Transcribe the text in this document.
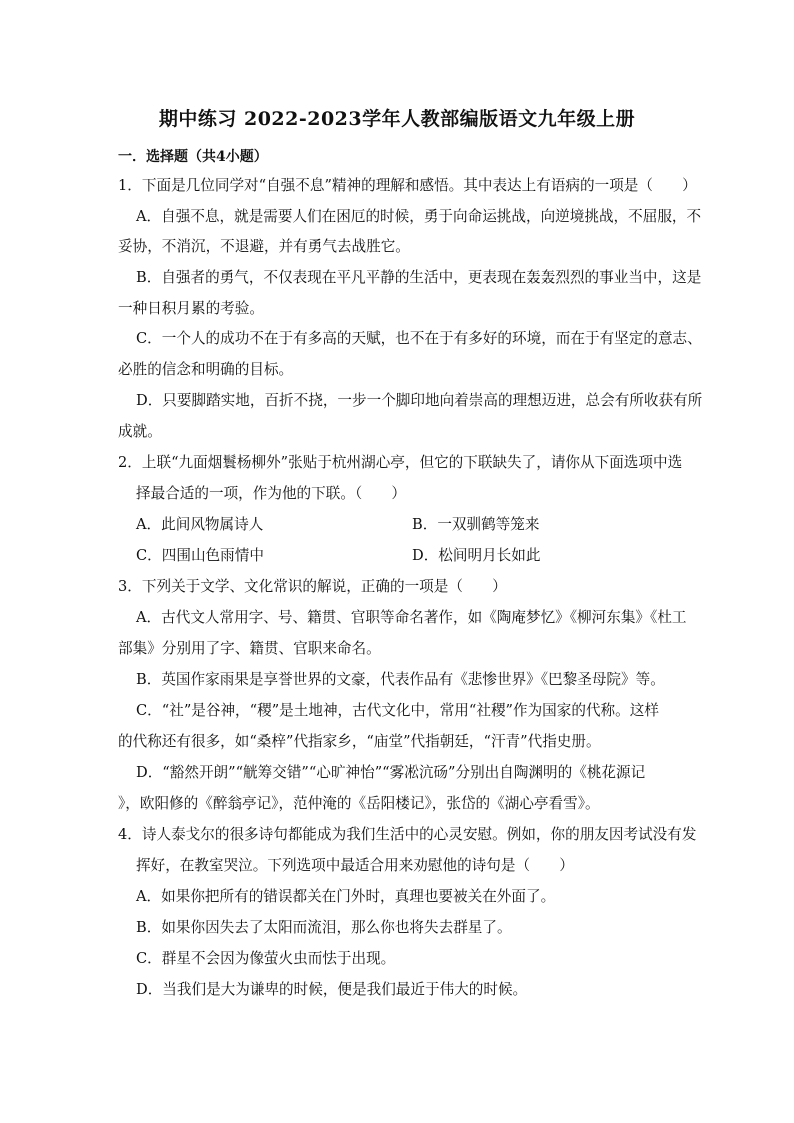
期中练习 2022-2023学年人教部编版语文九年级上册
一．选择题（共4小题）
1．下面是几位同学对“自强不息”精神的理解和感悟。其中表达上有语病的一项是（　　）
A．自强不息，就是需要人们在困厄的时候，勇于向命运挑战，向逆境挑战，不屈服，不
妥协，不消沉，不退避，并有勇气去战胜它。
B．自强者的勇气，不仅表现在平凡平静的生活中，更表现在轰轰烈烈的事业当中，这是
一种日积月累的考验。
C．一个人的成功不在于有多高的天赋，也不在于有多好的环境，而在于有坚定的意志、
必胜的信念和明确的目标。
D．只要脚踏实地，百折不挠，一步一个脚印地向着崇高的理想迈进，总会有所收获有所
成就。
2．上联“九面烟鬟杨柳外”张贴于杭州湖心亭，但它的下联缺失了，请你从下面选项中选
择最合适的一项，作为他的下联。（　　）
A．此间风物属诗人	B．一双驯鹤等笼来
C．四围山色雨情中	D．松间明月长如此
3．下列关于文学、文化常识的解说，正确的一项是（　　）
A．古代文人常用字、号、籍贯、官职等命名著作，如《陶庵梦忆》《柳河东集》《杜工
部集》分别用了字、籍贯、官职来命名。
B．英国作家雨果是享誉世界的文豪，代表作品有《悲惨世界》《巴黎圣母院》等。
C．“社”是谷神，“稷”是土地神，古代文化中，常用“社稷”作为国家的代称。这样
的代称还有很多，如“桑梓”代指家乡，“庙堂”代指朝廷，“汗青”代指史册。
D．“豁然开朗”“觥筹交错”“心旷神怡”“雾凇沆砀”分别出自陶渊明的《桃花源记
》，欧阳修的《醉翁亭记》，范仲淹的《岳阳楼记》，张岱的《湖心亭看雪》。
4．诗人泰戈尔的很多诗句都能成为我们生活中的心灵安慰。例如，你的朋友因考试没有发
挥好，在教室哭泣。下列选项中最适合用来劝慰他的诗句是（　　）
A．如果你把所有的错误都关在门外时，真理也要被关在外面了。
B．如果你因失去了太阳而流泪，那么你也将失去群星了。
C．群星不会因为像萤火虫而怯于出现。
D．当我们是大为谦卑的时候，便是我们最近于伟大的时候。
